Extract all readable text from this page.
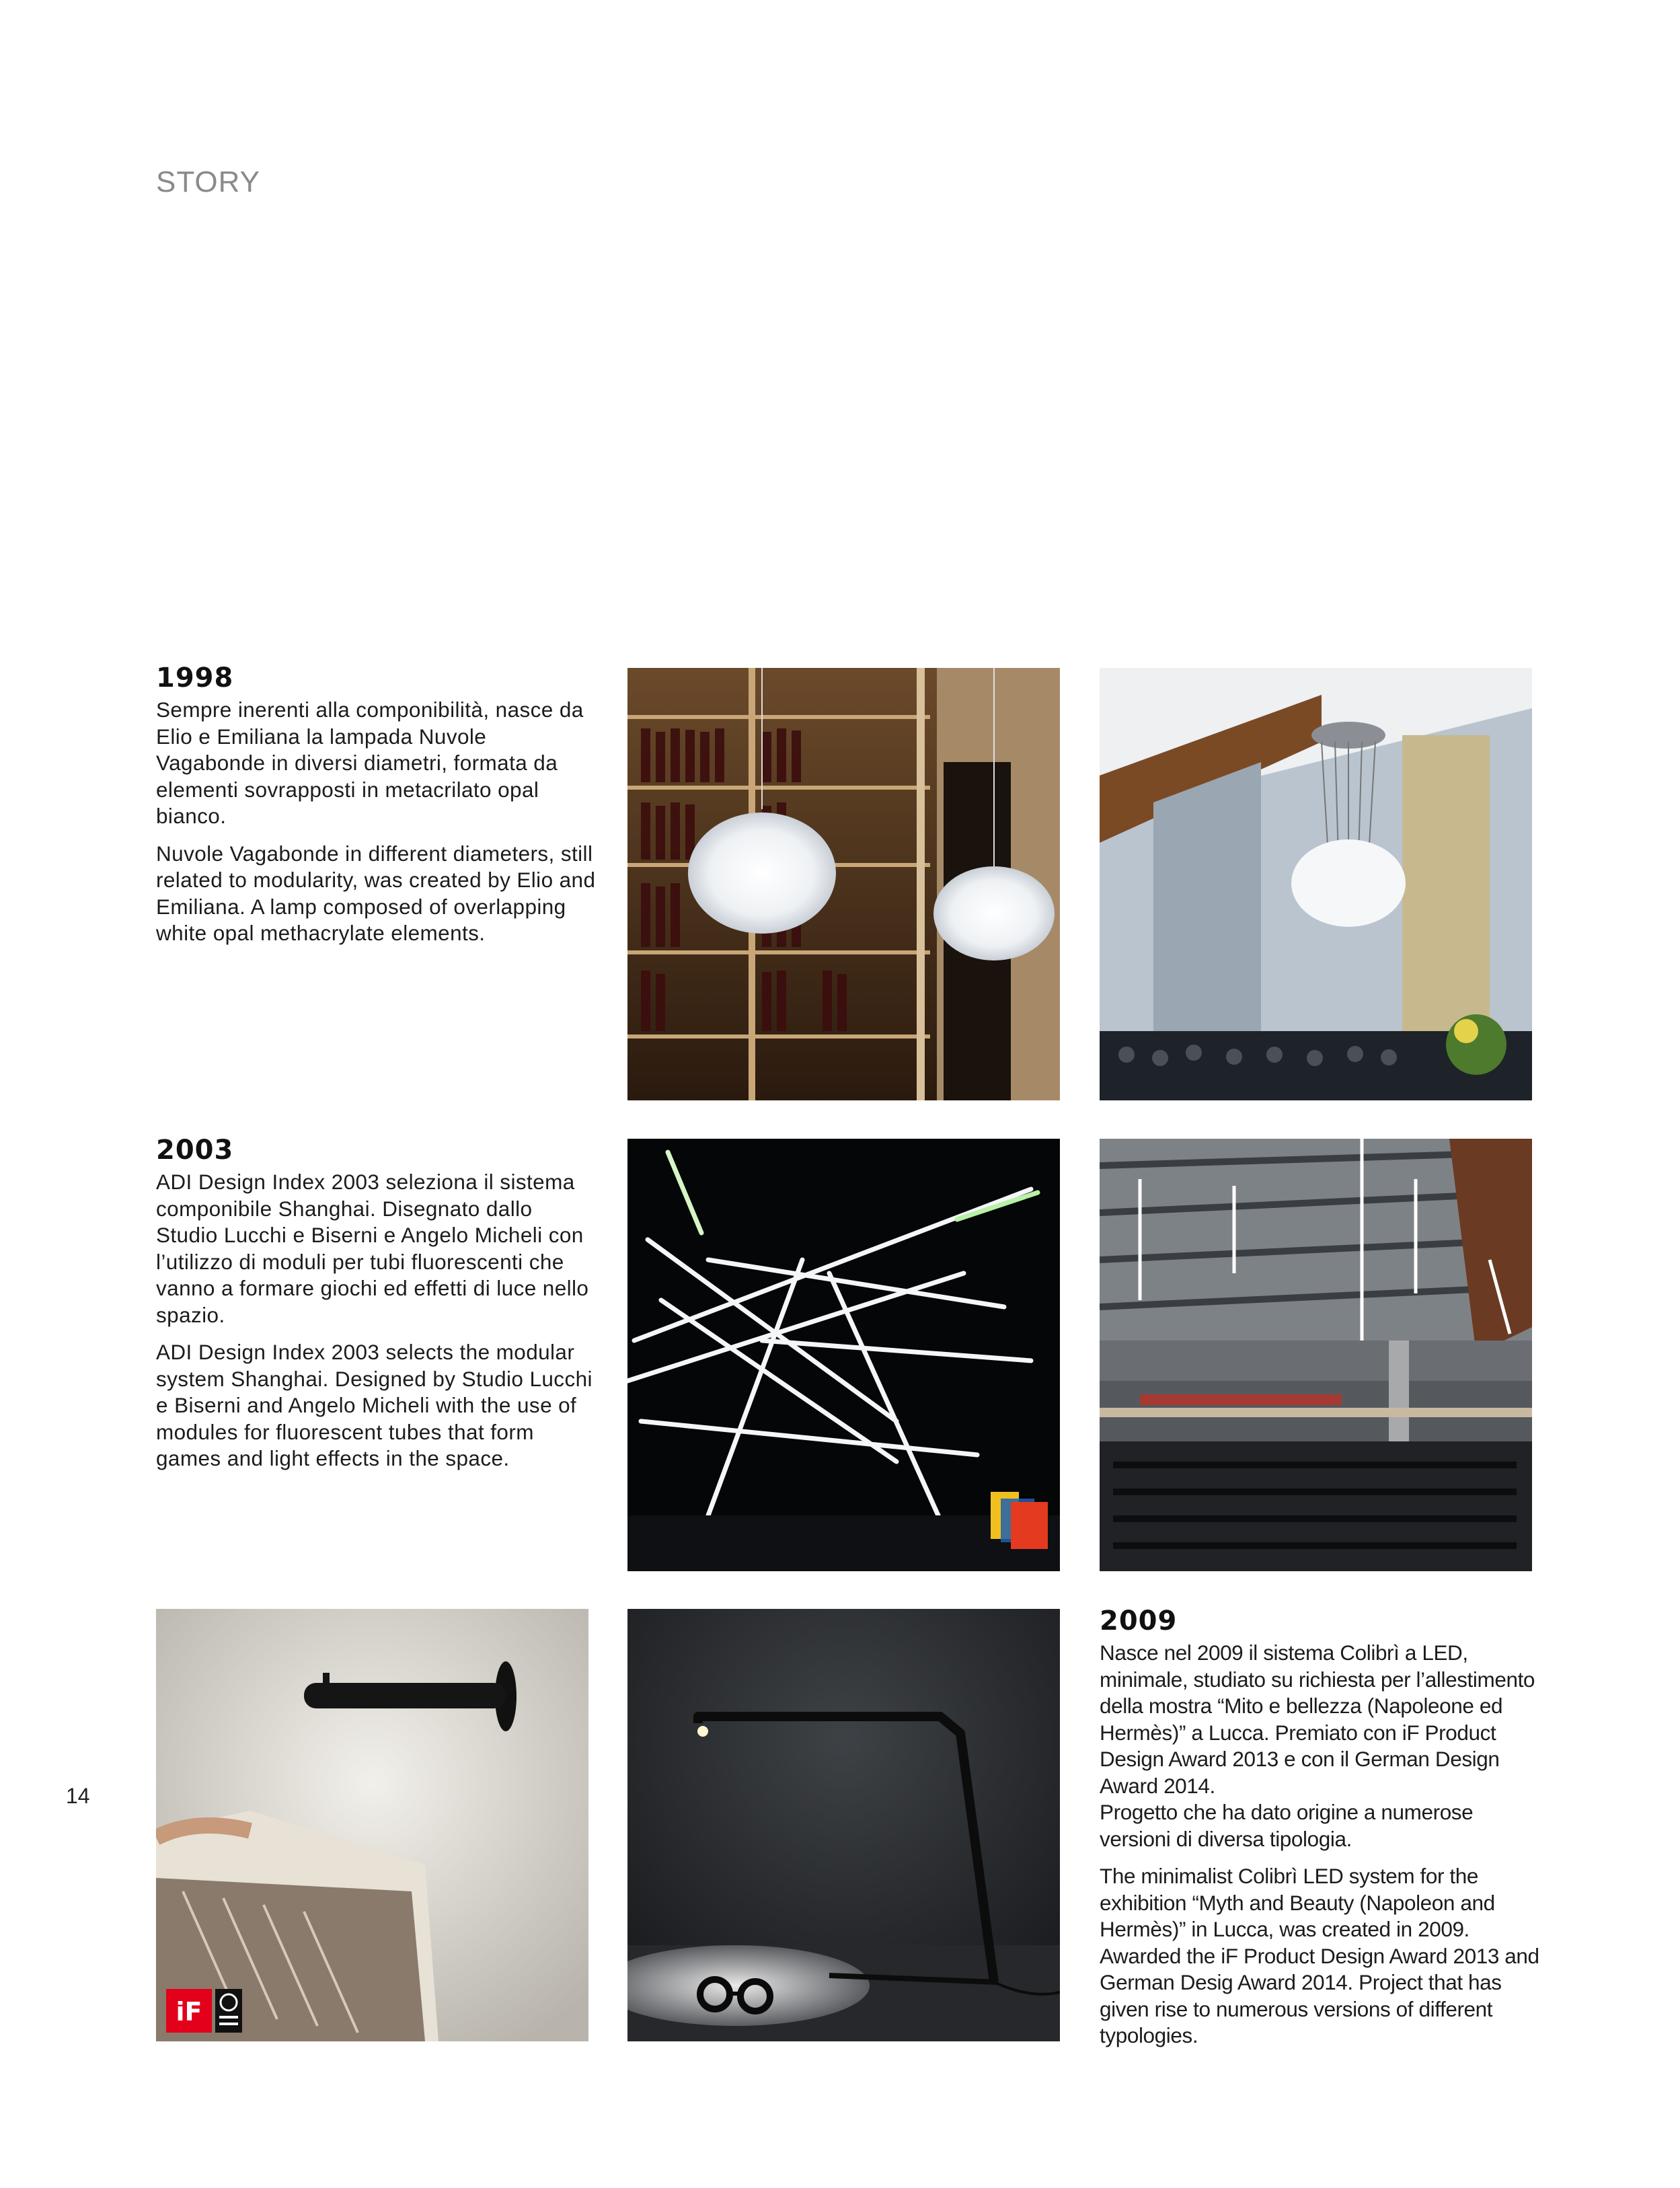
STORY
1998

Sempre inerenti alla componibilità, nasce da Elio e Emiliana la lampada Nuvole Vagabonde in diversi diametri, formata da elementi sovrapposti in metacrilato opal bianco.

Nuvole Vagabonde in different diameters, still related to modularity, was created by Elio and Emiliana. A lamp composed of overlapping white opal methacrylate elements.

2003

ADI Design Index 2003 seleziona il sistema componibile Shanghai. Disegnato dallo Studio Lucchi e Biserni e Angelo Micheli con l’utilizzo di moduli per tubi fluorescenti che vanno a formare giochi ed effetti di luce nello spazio.

ADI Design Index 2003 selects the modular system Shanghai. Designed by Studio Lucchi e Biserni and Angelo Micheli with the use of modules for fluorescent tubes that form games and light effects in the space.

iF
2009

Nasce nel 2009 il sistema Colibrì a LED, minimale, studiato su richiesta per l’allestimento della mostra “Mito e bellezza (Napoleone ed Hermès)” a Lucca. Premiato con iF Product Design Award 2013 e con il German Design Award 2014.

Progetto che ha dato origine a numerose versioni di diversa tipologia.

The minimalist Colibrì LED system for the exhibition “Myth and Beauty (Napoleon and Hermès)” in Lucca, was created in 2009. Awarded the iF Product Design Award 2013 and German Desig Award 2014. Project that has given rise to numerous versions of different typologies.

14
